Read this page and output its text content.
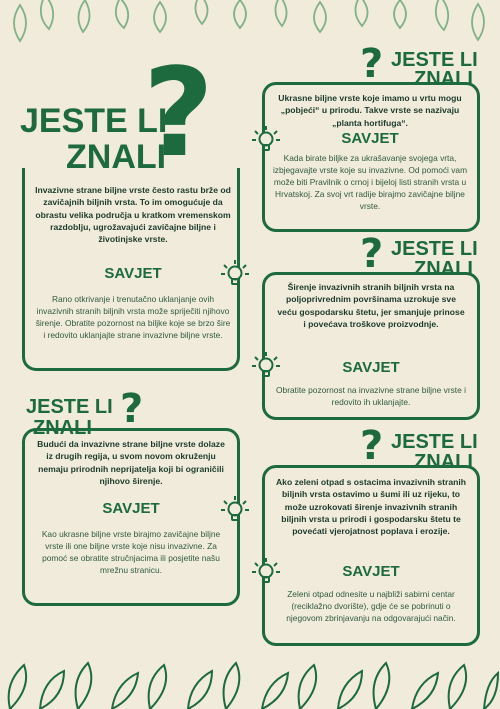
JESTE LI
ZNALI
?

Invazivne strane biljne vrste često rastu brže od zavičajnih biljnih vrsta. To im omogućuje da obrastu velika područja u kratkom vremenskom razdoblju, ugrožavajući zavičajne biljne i životinjske vrste.

SAVJET

Rano otkrivanje i trenutačno uklanjanje ovih invazivnih stranih biljnih vrsta može spriječiti njihovo širenje. Obratite pozornost na biljke koje se brzo šire i redovito uklanjajte strane invazivne biljne vrste.

? JESTE LI
ZNALI

Ukrasne biljne vrste koje imamo u vrtu mogu „pobjeći“ u prirodu. Takve vrste se nazivaju „planta hortifuga“.

SAVJET

Kada birate biljke za ukrašavanje svojega vrta, izbjegavajte vrste koje su invazivne. Od pomoći vam može biti Pravilnik o crnoj i bijeloj listi stranih vrsta u Hrvatskoj. Za svoj vrt radije birajmo zavičajne biljne vrste.

? JESTE LI
ZNALI

Širenje invazivnih stranih biljnih vrsta na poljoprivrednim površinama uzrokuje sve veću gospodarsku štetu, jer smanjuje prinose i povećava troškove proizvodnje.

SAVJET

Obratite pozornost na invazivne strane biljne vrste i redovito ih uklanjajte.

JESTE LI
ZNALI ?

Budući da invazivne strane biljne vrste dolaze iz drugih regija, u svom novom okruženju nemaju prirodnih neprijatelja koji bi ograničili njihovo širenje.

SAVJET

Kao ukrasne biljne vrste birajmo zavičajne biljne vrste ili one biljne vrste koje nisu invazivne. Za pomoć se obratite stručnjacima ili posjetite našu mrežnu stranicu.

? JESTE LI
ZNALI

Ako zeleni otpad s ostacima invazivnih stranih biljnih vrsta ostavimo u šumi ili uz rijeku, to može uzrokovati širenje invazivnih stranih biljnih vrsta u prirodi i gospodarsku štetu te povećati vjerojatnost poplava i erozije.

SAVJET

Zeleni otpad odnesite u najbliži sabirni centar (reciklažno dvorište), gdje će se pobrinuti o njegovom zbrinjavanju na odgovarajući način.
